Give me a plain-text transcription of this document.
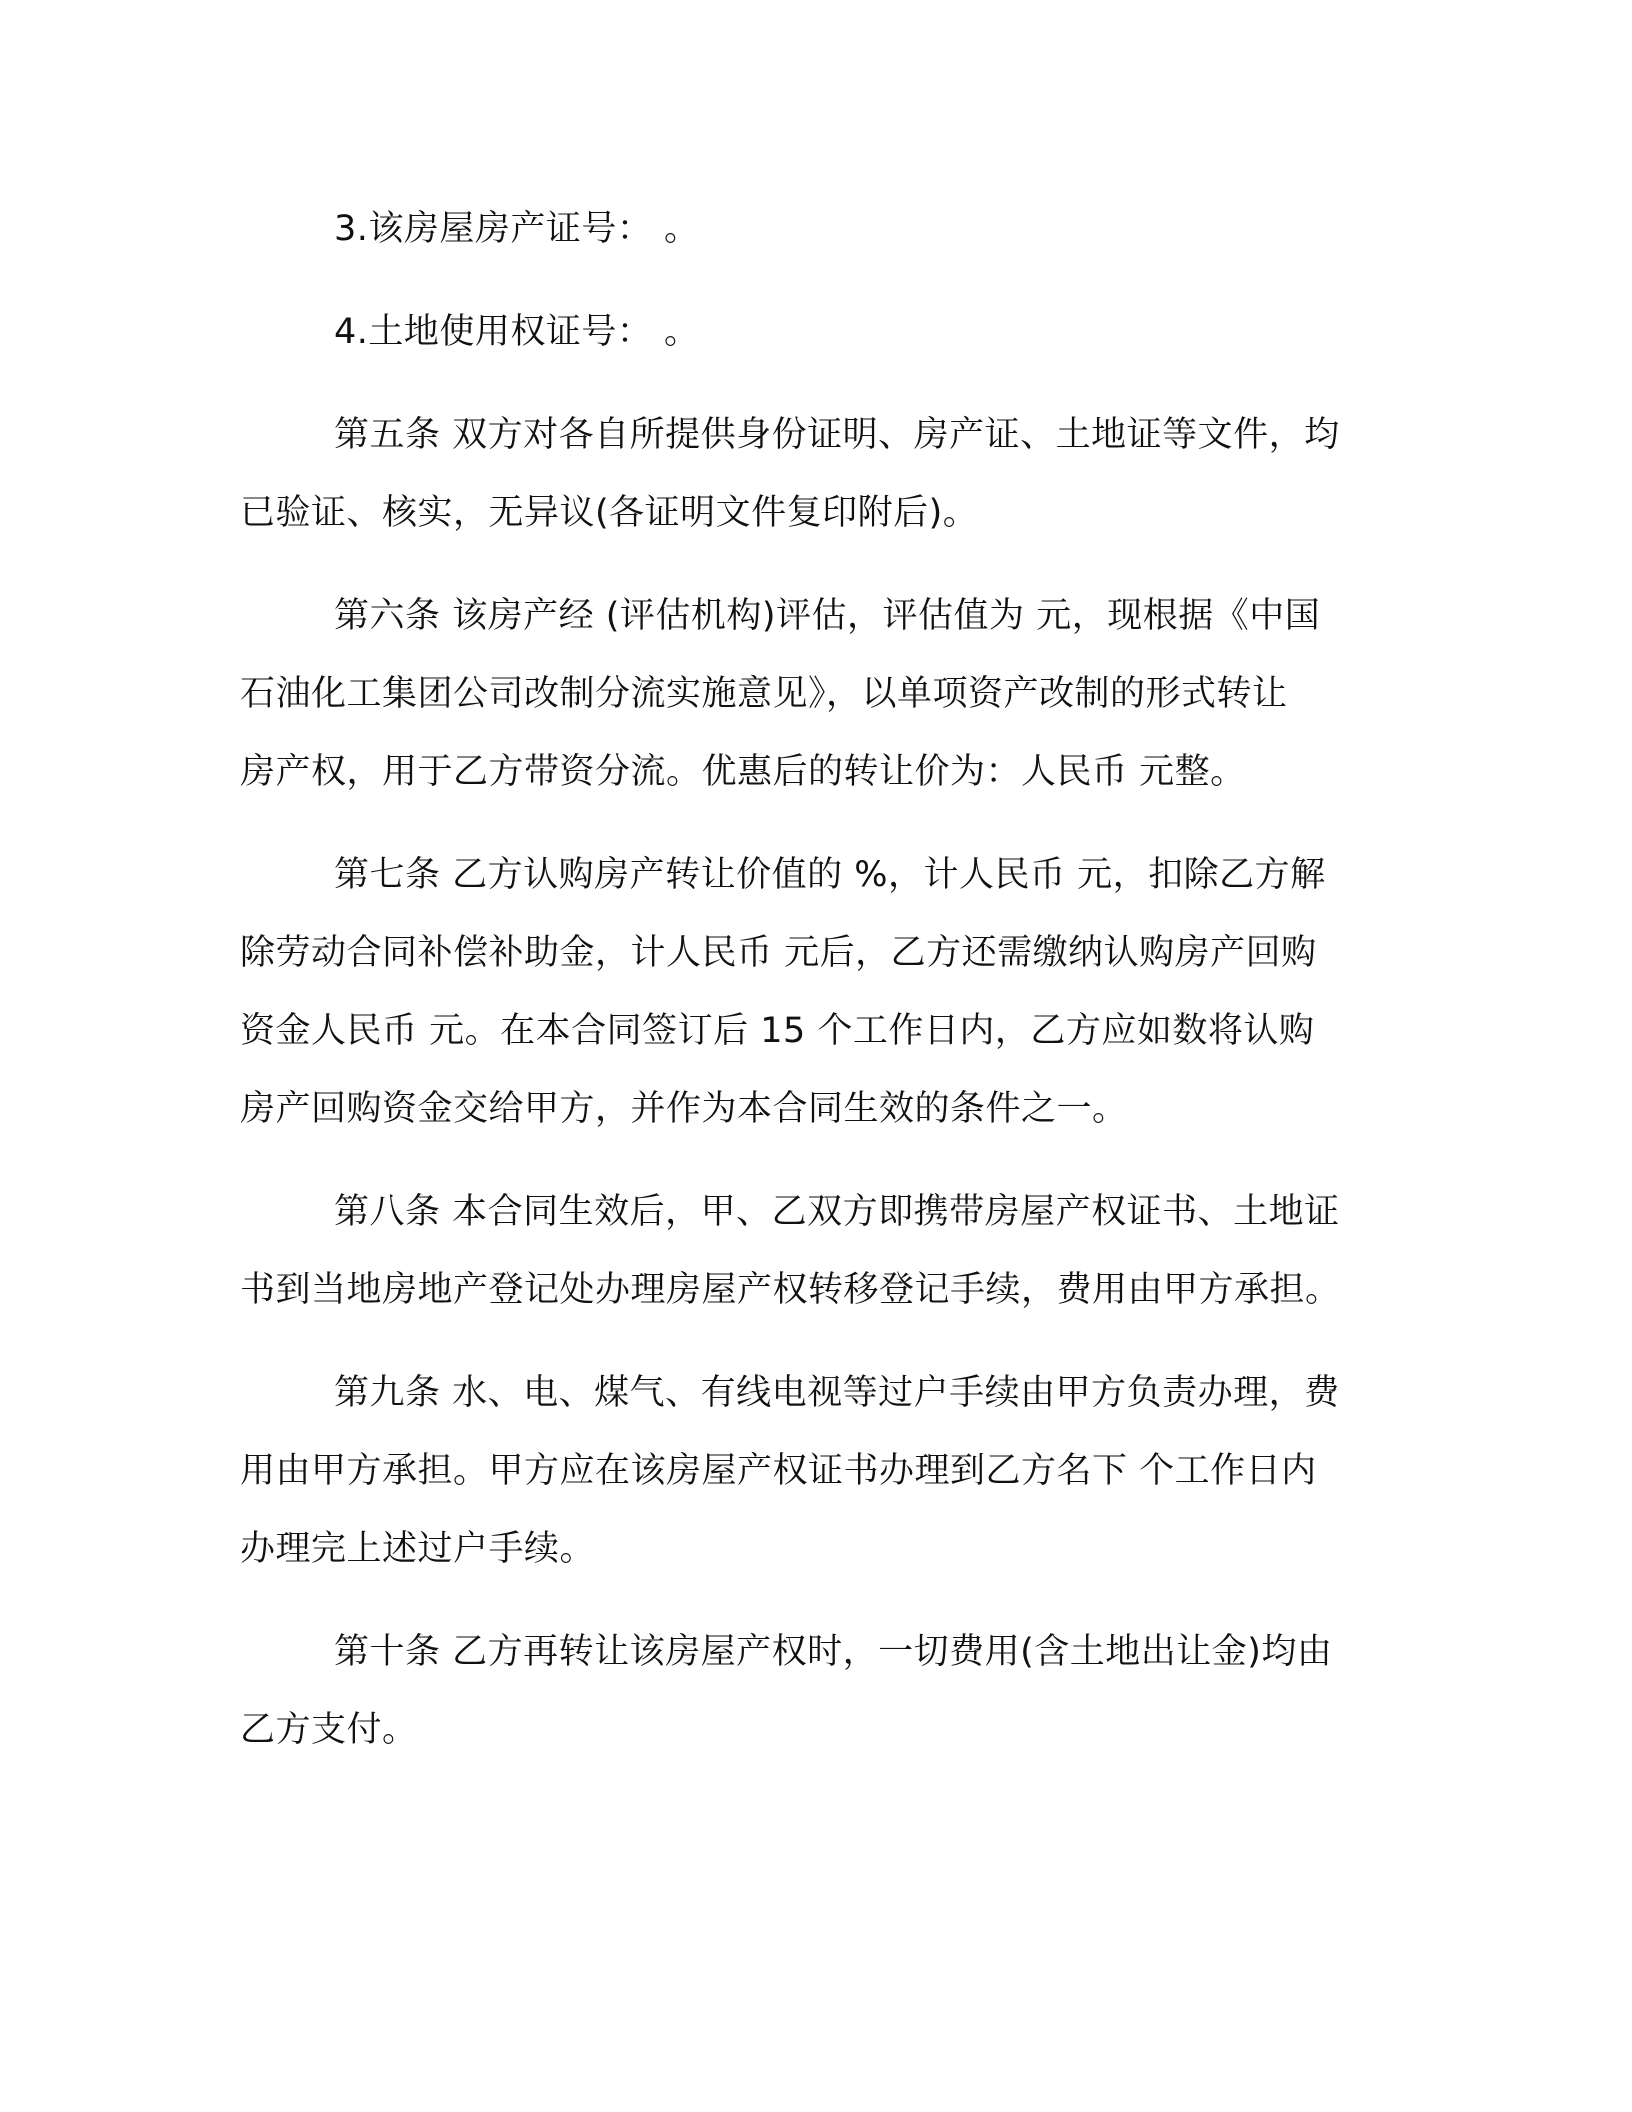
3.该房屋房产证号： 。

4.土地使用权证号： 。

第五条 双方对各自所提供身份证明、房产证、土地证等文件，均
已验证、核实，无异议(各证明文件复印附后)。

第六条 该房产经 (评估机构)评估，评估值为 元，现根据《中国
石油化工集团公司改制分流实施意见》，以单项资产改制的形式转让
房产权，用于乙方带资分流。优惠后的转让价为：人民币 元整。

第七条 乙方认购房产转让价值的 %，计人民币 元，扣除乙方解
除劳动合同补偿补助金，计人民币 元后，乙方还需缴纳认购房产回购
资金人民币 元。在本合同签订后 15 个工作日内，乙方应如数将认购
房产回购资金交给甲方，并作为本合同生效的条件之一。

第八条 本合同生效后，甲、乙双方即携带房屋产权证书、土地证
书到当地房地产登记处办理房屋产权转移登记手续，费用由甲方承担。

第九条 水、电、煤气、有线电视等过户手续由甲方负责办理，费
用由甲方承担。甲方应在该房屋产权证书办理到乙方名下 个工作日内
办理完上述过户手续。

第十条 乙方再转让该房屋产权时，一切费用(含土地出让金)均由
乙方支付。
